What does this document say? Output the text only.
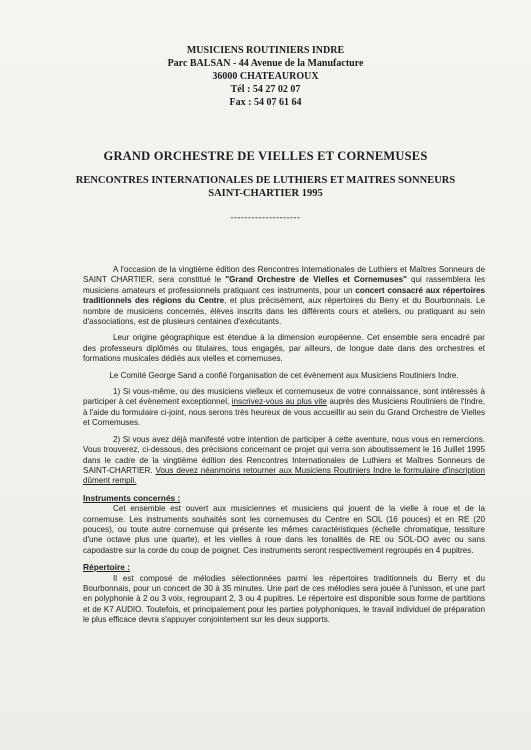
MUSICIENS ROUTINIERS INDRE
Parc BALSAN - 44 Avenue de la Manufacture
36000 CHATEAUROUX
Tél : 54 27 02 07
Fax : 54 07 61 64
GRAND ORCHESTRE DE VIELLES ET CORNEMUSES
RENCONTRES INTERNATIONALES DE LUTHIERS ET MAITRES SONNEURS
SAINT-CHARTIER 1995
--------------------

A l'occasion de la vingtième édition des Rencontres Internationales de Luthiers et Maîtres Sonneurs de SAINT CHARTIER, sera constitué le "Grand Orchestre de Vielles et Cornemuses" qui rassemblera les musiciens amateurs et professionnels pratiquant ces instruments, pour un concert consacré aux répertoires traditionnels des régions du Centre, et plus précisément, aux répertoires du Berry et du Bourbonnais. Le nombre de musiciens concernés, élèves inscrits dans les différents cours et ateliers, ou pratiquant au sein d'associations, est de plusieurs centaines d'exécutants.

Leur origine géographique est étendue à la dimension européenne. Cet ensemble sera encadré par des professeurs diplômés ou titulaires, tous engagés, par ailleurs, de longue date dans des orchestres et formations musicales dédiés aux vielles et cornemuses.

Le Comité George Sand a confié l'organisation de cet évènement aux Musiciens Routiniers Indre.

1) Si vous-même, ou des musiciens vielleux et cornemuseux de votre connaissance, sont intéressés à participer à cet évènement exceptionnel, inscrivez-vous au plus vite auprès des Musiciens Routiniers de l'Indre, à l'aide du formulaire ci-joint, nous serons très heureux de vous accueillir au sein du Grand Orchestre de Vielles et Cornemuses.

2) Si vous avez déjà manifesté votre intention de participer à cette aventure, nous vous en remercions. Vous trouverez, ci-dessous, des précisions concernant ce projet qui verra son aboutissement le 16 Juillet 1995 dans le cadre de la vingtième édition des Rencontres Internationales de Luthiers et Maîtres Sonneurs de SAINT-CHARTIER. Vous devez néanmoins retourner aux Musiciens Routiniers Indre le formulaire d'inscription dûment rempli.

Instruments concernés :

Cet ensemble est ouvert aux musiciennes et musiciens qui jouent de la vielle à roue et de la cornemuse. Les instruments souhaités sont les cornemuses du Centre en SOL (16 pouces) et en RE (20 pouces), ou toute autre cornemuse qui présente les mêmes caractéristiques (échelle chromatique, tessiture d'une octave plus une quarte), et les vielles à roue dans les tonalités de RE ou SOL-DO avec ou sans capodastre sur la corde du coup de poignet. Ces instruments seront respectivement regroupés en 4 pupitres.

Répertoire :

Il est composé de mélodies sélectionnées parmi les répertoires traditionnels du Berry et du Bourbonnais, pour un concert de 30 à 35 minutes. Une part de ces mélodies sera jouée à l'unisson, et une part en polyphonie à 2 ou 3 voix, regroupant 2, 3 ou 4 pupitres. Le répertoire est disponible sous forme de partitions et de K7 AUDIO. Toutefois, et principalement pour les parties polyphoniques, le travail individuel de préparation le plus efficace devra s'appuyer conjointement sur les deux supports.
